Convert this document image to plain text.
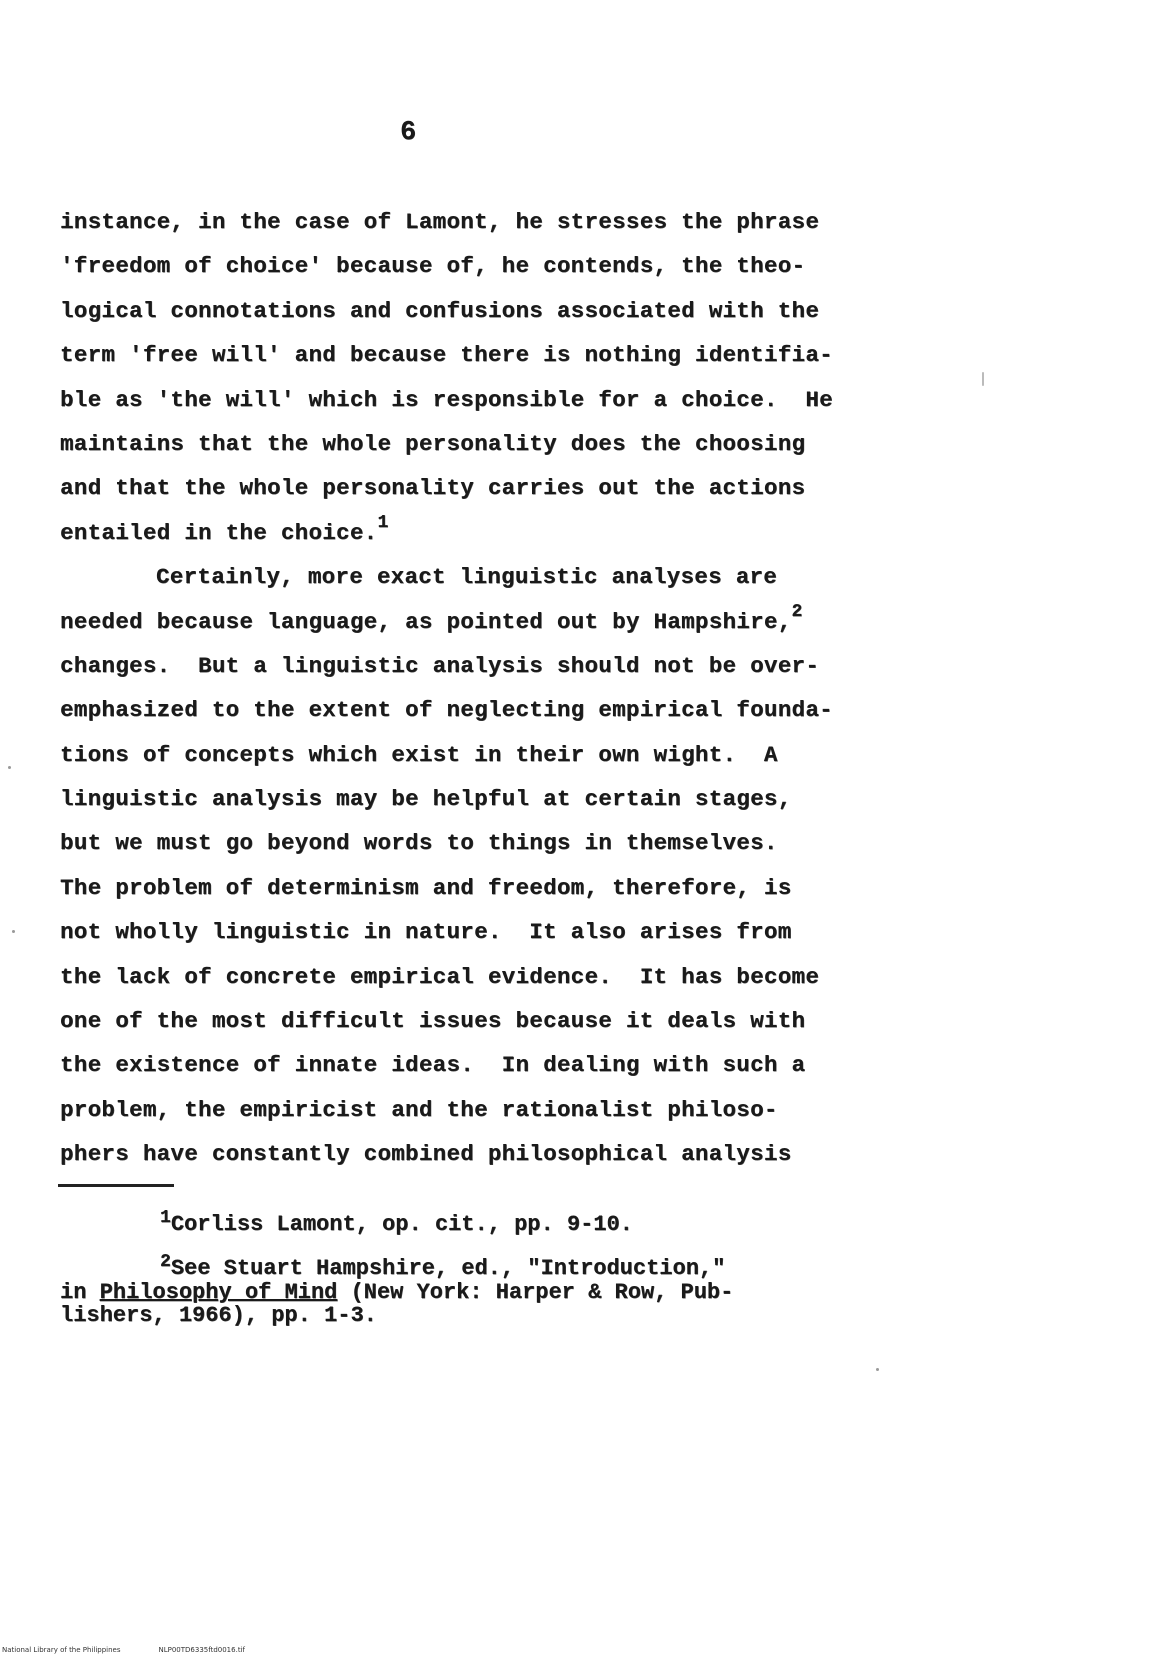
6
instance, in the case of Lamont, he stresses the phrase
'freedom of choice' because of, he contends, the theo-
logical connotations and confusions associated with the
term 'free will' and because there is nothing identifia-
ble as 'the will' which is responsible for a choice.  He
maintains that the whole personality does the choosing
and that the whole personality carries out the actions
entailed in the choice.$^1$
Certainly, more exact linguistic analyses are
needed because language, as pointed out by Hampshire,$^2$
changes.  But a linguistic analysis should not be over-
emphasized to the extent of neglecting empirical founda-
tions of concepts which exist in their own wight.  A
linguistic analysis may be helpful at certain stages,
but we must go beyond words to things in themselves.
The problem of determinism and freedom, therefore, is
not wholly linguistic in nature.  It also arises from
the lack of concrete empirical evidence.  It has become
one of the most difficult issues because it deals with
the existence of innate ideas.  In dealing with such a
problem, the empiricist and the rationalist philoso-
phers have constantly combined philosophical analysis
$^1$Corliss Lamont, op. cit., pp. 9-10.
$^2$See Stuart Hampshire, ed., "Introduction,"
in Philosophy of Mind (New York: Harper & Row, Pub-
lishers, 1966), pp. 1-3.
National Library of the Philippines	NLP00TD6335ftd0016.tif
